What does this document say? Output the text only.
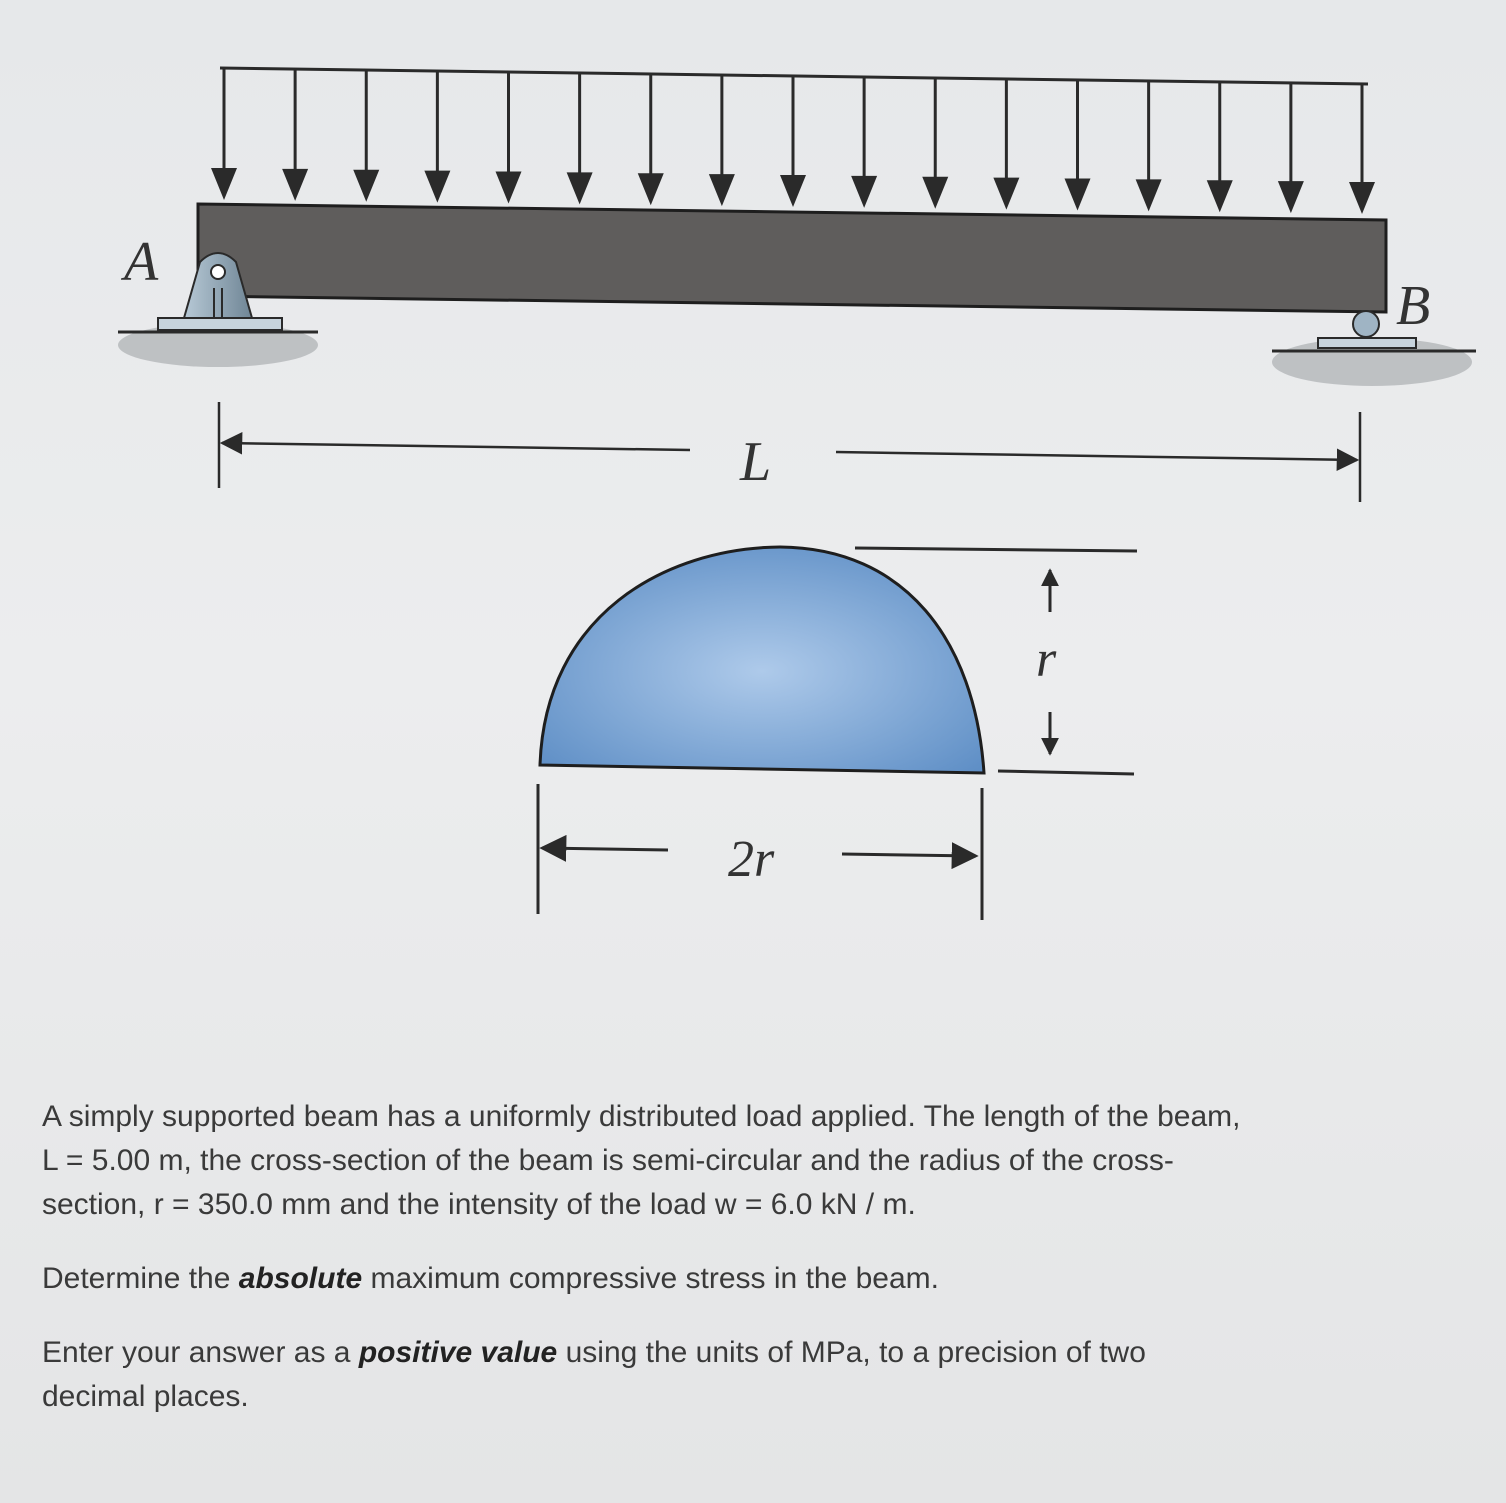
A
B
L
r
2r

A simply supported beam has a uniformly distributed load applied. The length of the beam, L = 5.00 m, the cross-section of the beam is semi-circular and the radius of the cross-section, r = 350.0 mm and the intensity of the load w = 6.0 kN / m.

Determine the absolute maximum compressive stress in the beam.

Enter your answer as a positive value using the units of MPa, to a precision of two decimal places.
